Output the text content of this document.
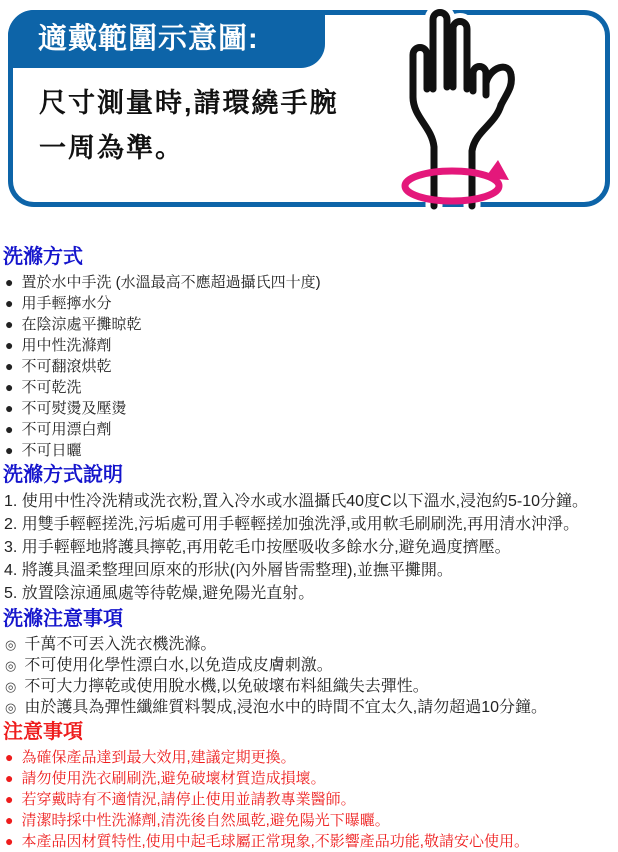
適戴範圍示意圖:
尺寸測量時,請環繞手腕
一周為準。
洗滌方式
● 置於水中手洗 (水溫最高不應超過攝氏四十度)
● 用手輕擰水分
● 在陰涼處平攤晾乾
● 用中性洗滌劑
● 不可翻滾烘乾
● 不可乾洗
● 不可熨燙及壓燙
● 不可用漂白劑
● 不可日曬
洗滌方式說明
1. 使用中性冷洗精或洗衣粉,置入冷水或水溫攝氏40度C以下溫水,浸泡約5-10分鐘。
2. 用雙手輕輕搓洗,污垢處可用手輕輕搓加強洗淨,或用軟毛刷刷洗,再用清水沖淨。
3. 用手輕輕地將護具擰乾,再用乾毛巾按壓吸收多餘水分,避免過度擠壓。
4. 將護具溫柔整理回原來的形狀(內外層皆需整理),並撫平攤開。
5. 放置陰涼通風處等待乾燥,避免陽光直射。
洗滌注意事項
◎ 千萬不可丟入洗衣機洗滌。
◎ 不可使用化學性漂白水,以免造成皮膚刺激。
◎ 不可大力擰乾或使用脫水機,以免破壞布料組織失去彈性。
◎ 由於護具為彈性纖維質料製成,浸泡水中的時間不宜太久,請勿超過10分鐘。
注意事項
● 為確保產品達到最大效用,建議定期更換。
● 請勿使用洗衣刷刷洗,避免破壞材質造成損壞。
● 若穿戴時有不適情況,請停止使用並請教專業醫師。
● 清潔時採中性洗滌劑,清洗後自然風乾,避免陽光下曝曬。
● 本產品因材質特性,使用中起毛球屬正常現象,不影響產品功能,敬請安心使用。
